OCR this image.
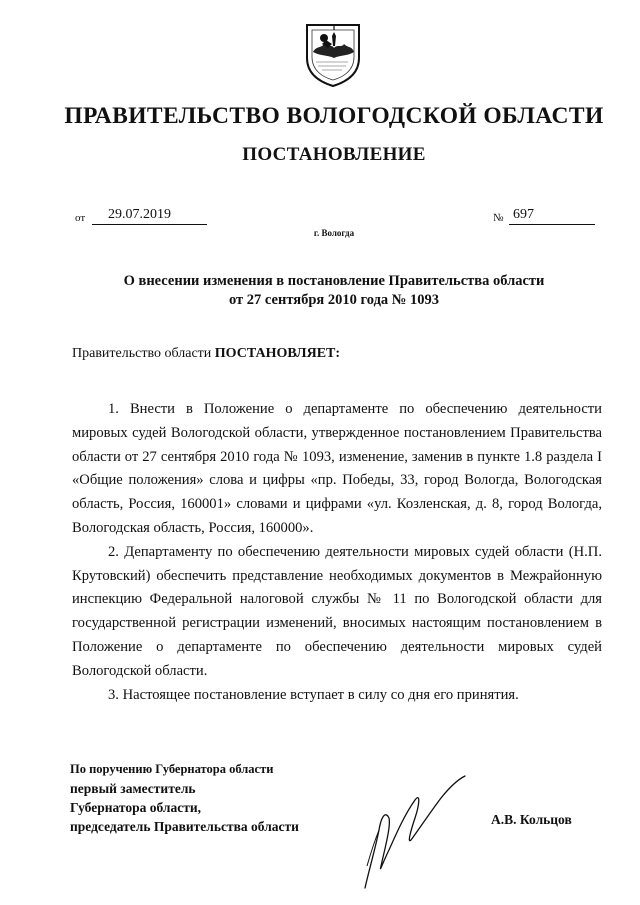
ПРАВИТЕЛЬСТВО ВОЛОГОДСКОЙ ОБЛАСТИ
ПОСТАНОВЛЕНИЕ
от 29.07.2019	№ 697
г. Вологда
О внесении изменения в постановление Правительства области
от 27 сентября 2010 года № 1093
Правительство области ПОСТАНОВЛЯЕТ:

1. Внести в Положение о департаменте по обеспечению деятельности мировых судей Вологодской области, утвержденное постановлением Правительства области от 27 сентября 2010 года № 1093, изменение, заменив в пункте 1.8 раздела I «Общие положения» слова и цифры «пр. Победы, 33, город Вологда, Вологодская область, Россия, 160001» словами и цифрами «ул. Козленская, д. 8, город Вологда, Вологодская область, Россия, 160000».

2. Департаменту по обеспечению деятельности мировых судей области (Н.П. Крутовский) обеспечить представление необходимых документов в Межрайонную инспекцию Федеральной налоговой службы № 11 по Вологодской области для государственной регистрации изменений, вносимых настоящим постановлением в Положение о департаменте по обеспечению деятельности мировых судей Вологодской области.

3. Настоящее постановление вступает в силу со дня его принятия.

По поручению Губернатора области
первый заместитель
Губернатора области,
председатель Правительства области	А.В. Кольцов
